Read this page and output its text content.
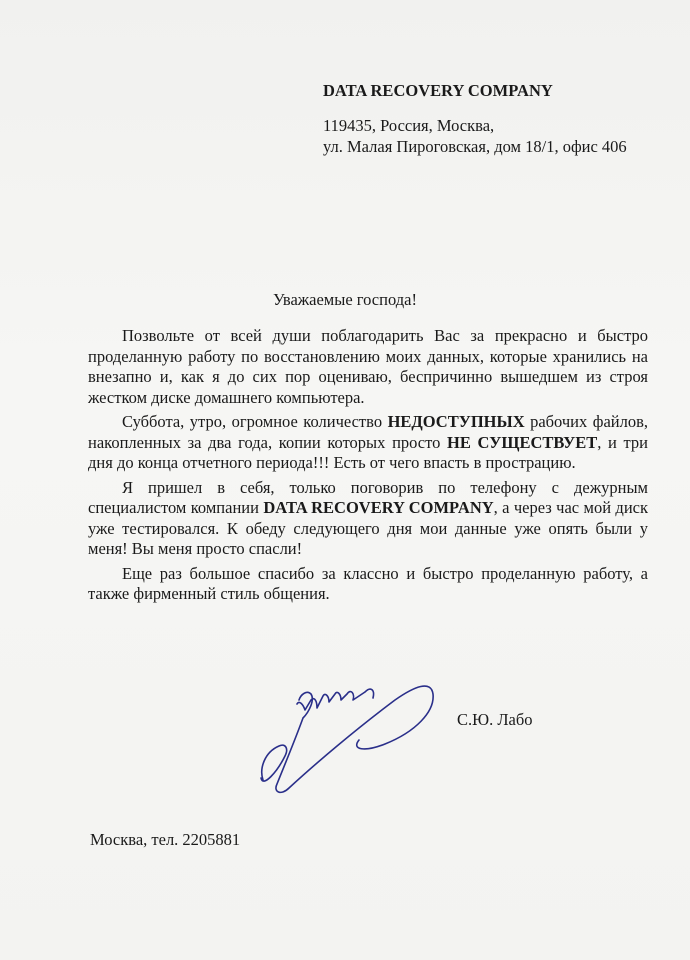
DATA RECOVERY COMPANY
119435, Россия, Москва,
ул. Малая Пироговская, дом 18/1, офис 406
Уважаемые господа!

Позвольте от всей души поблагодарить Вас за прекрасно и быстро проделанную работу по восстановлению моих данных, которые хранились на внезапно и, как я до сих пор оцениваю, беспричинно вышедшем из строя жестком диске домашнего компьютера.

Суббота, утро, огромное количество НЕДОСТУПНЫХ рабочих файлов, накопленных за два года, копии которых просто НЕ СУЩЕСТВУЕТ, и три дня до конца отчетного периода!!! Есть от чего впасть в прострацию.

Я пришел в себя, только поговорив по телефону с дежурным специалистом компании DATA RECOVERY COMPANY, а через час мой диск уже тестировался. К обеду следующего дня мои данные уже опять были у меня! Вы меня просто спасли!

Еще раз большое спасибо за классно и быстро проделанную работу, а также фирменный стиль общения.

С.Ю. Лабо
Москва, тел. 2205881
